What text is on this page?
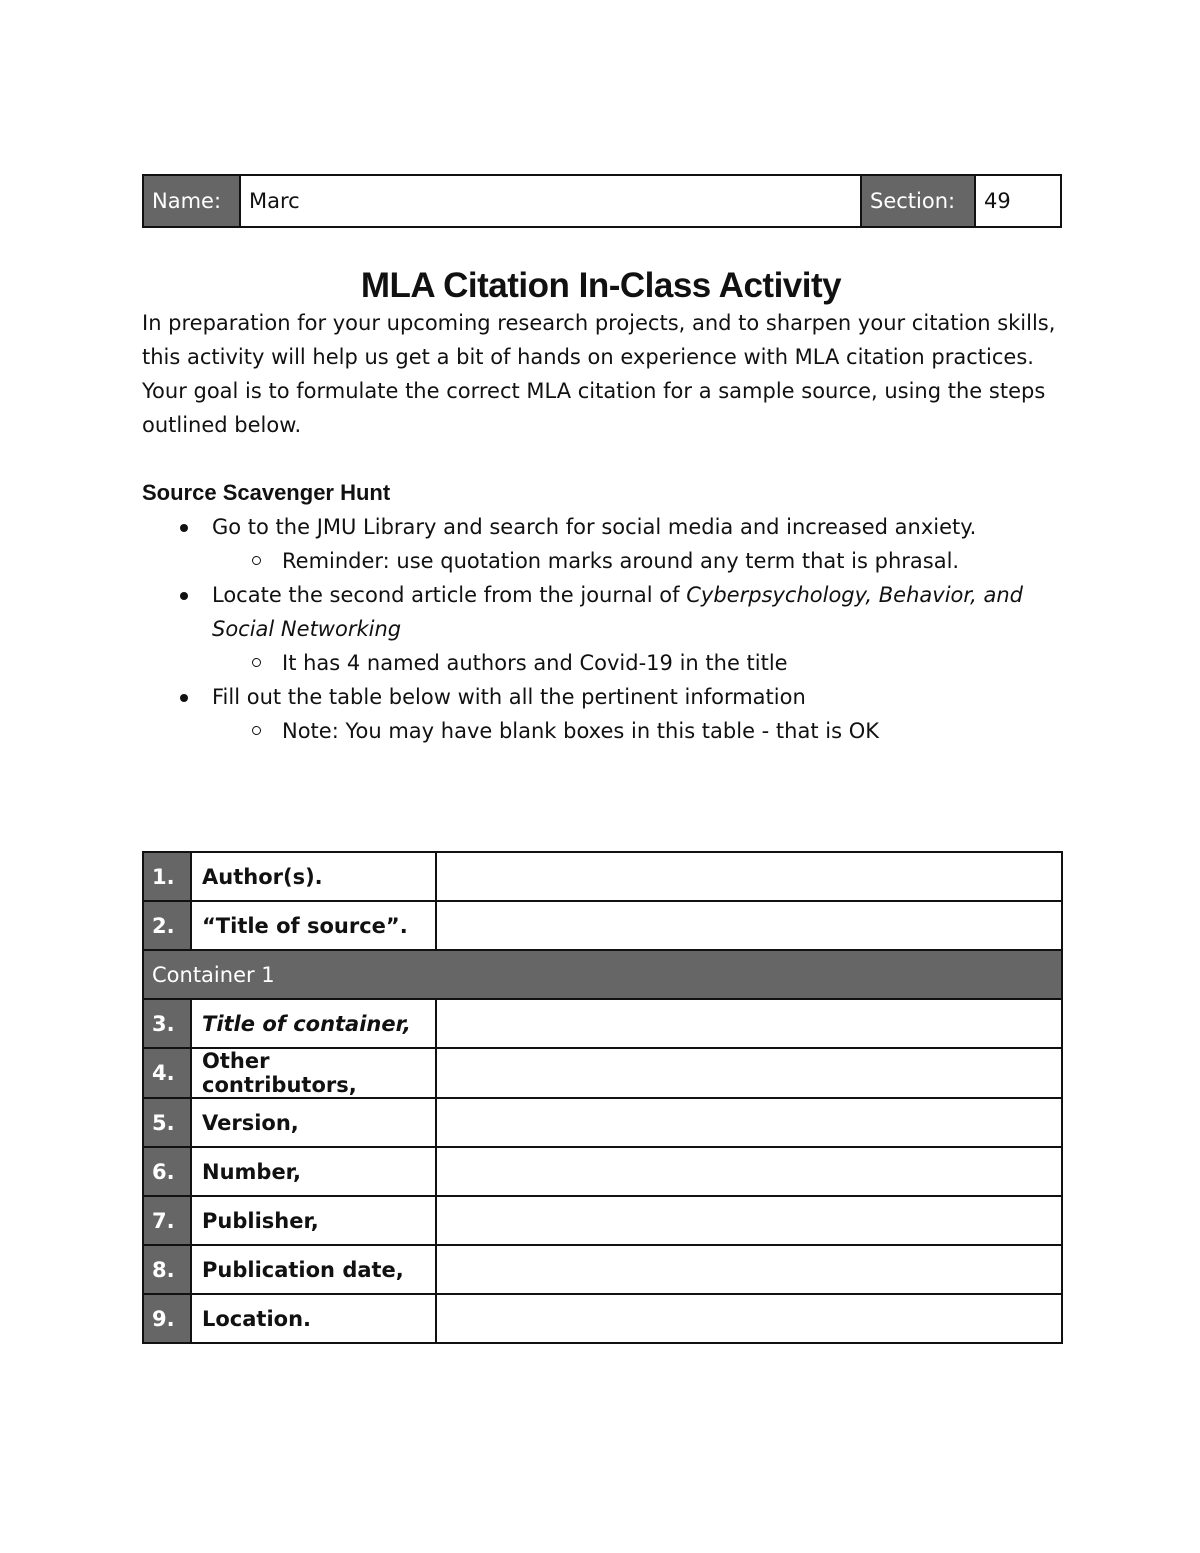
Name:	Marc	Section:	49
MLA Citation In-Class Activity

In preparation for your upcoming research projects, and to sharpen your citation skills, this activity will help us get a bit of hands on experience with MLA citation practices.

Your goal is to formulate the correct MLA citation for a sample source, using the steps outlined below.

Source Scavenger Hunt
Go to the JMU Library and search for social media and increased anxiety.
Reminder: use quotation marks around any term that is phrasal.
Locate the second article from the journal of Cyberpsychology, Behavior, and Social Networking
It has 4 named authors and Covid-19 in the title
Fill out the table below with all the pertinent information
Note: You may have blank boxes in this table - that is OK
1.	Author(s).	
2.	“Title of source”.	
Container 1		
3.	Title of container,	
4.	Other contributors,	
5.	Version,	
6.	Number,	
7.	Publisher,	
8.	Publication date,	
9.	Location.	
